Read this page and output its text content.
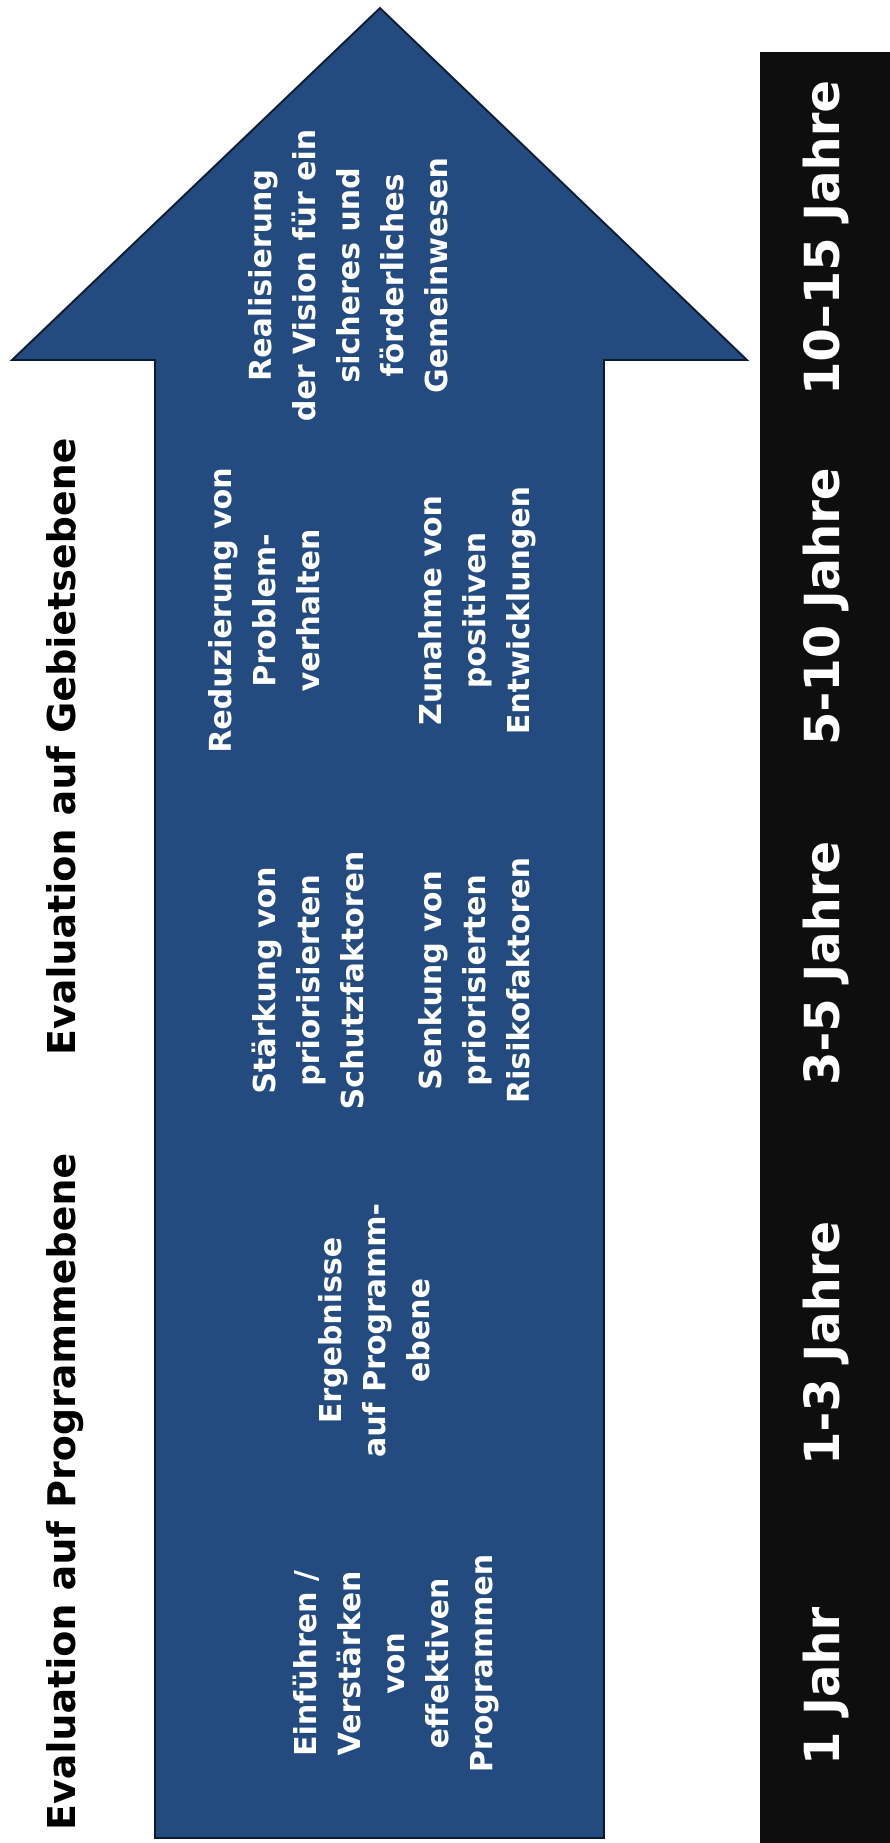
Evaluation auf Programmebene
Evaluation auf Gebietsebene
Einführen /
Verstärken
von
effektiven
Programmen
Ergebnisse
auf Programm-
ebene

Stärkung von
priorisierten
Schutzfaktoren Senkung von
priorisierten
Risikofaktoren
Reduzierung von
Problem-
verhalten	Zunahme von
positiven
Entwicklungen
Realisierung
der Vision für ein
sicheres und
förderliches
Gemeinwesen
1 Jahr
1-3 Jahre
3-5 Jahre
5-10 Jahre
10–15 Jahre
